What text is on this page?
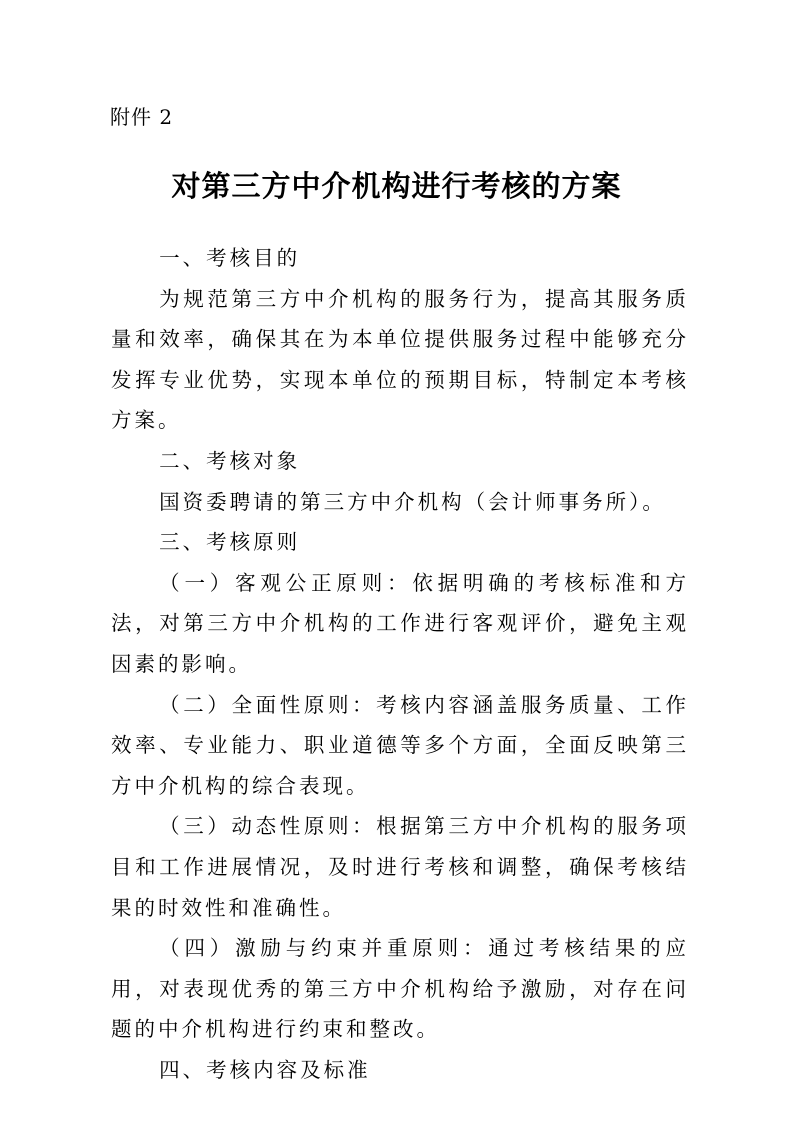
附件 2
对第三方中介机构进行考核的方案

一、考核目的

为规范第三方中介机构的服务行为，提高其服务质量和效率，确保其在为本单位提供服务过程中能够充分发挥专业优势，实现本单位的预期目标，特制定本考核方案。

二、考核对象

国资委聘请的第三方中介机构（会计师事务所）。

三、考核原则

（一）客观公正原则：依据明确的考核标准和方法，对第三方中介机构的工作进行客观评价，避免主观因素的影响。

（二）全面性原则：考核内容涵盖服务质量、工作效率、专业能力、职业道德等多个方面，全面反映第三方中介机构的综合表现。

（三）动态性原则：根据第三方中介机构的服务项目和工作进展情况，及时进行考核和调整，确保考核结果的时效性和准确性。

（四）激励与约束并重原则：通过考核结果的应用，对表现优秀的第三方中介机构给予激励，对存在问题的中介机构进行约束和整改。

四、考核内容及标准
